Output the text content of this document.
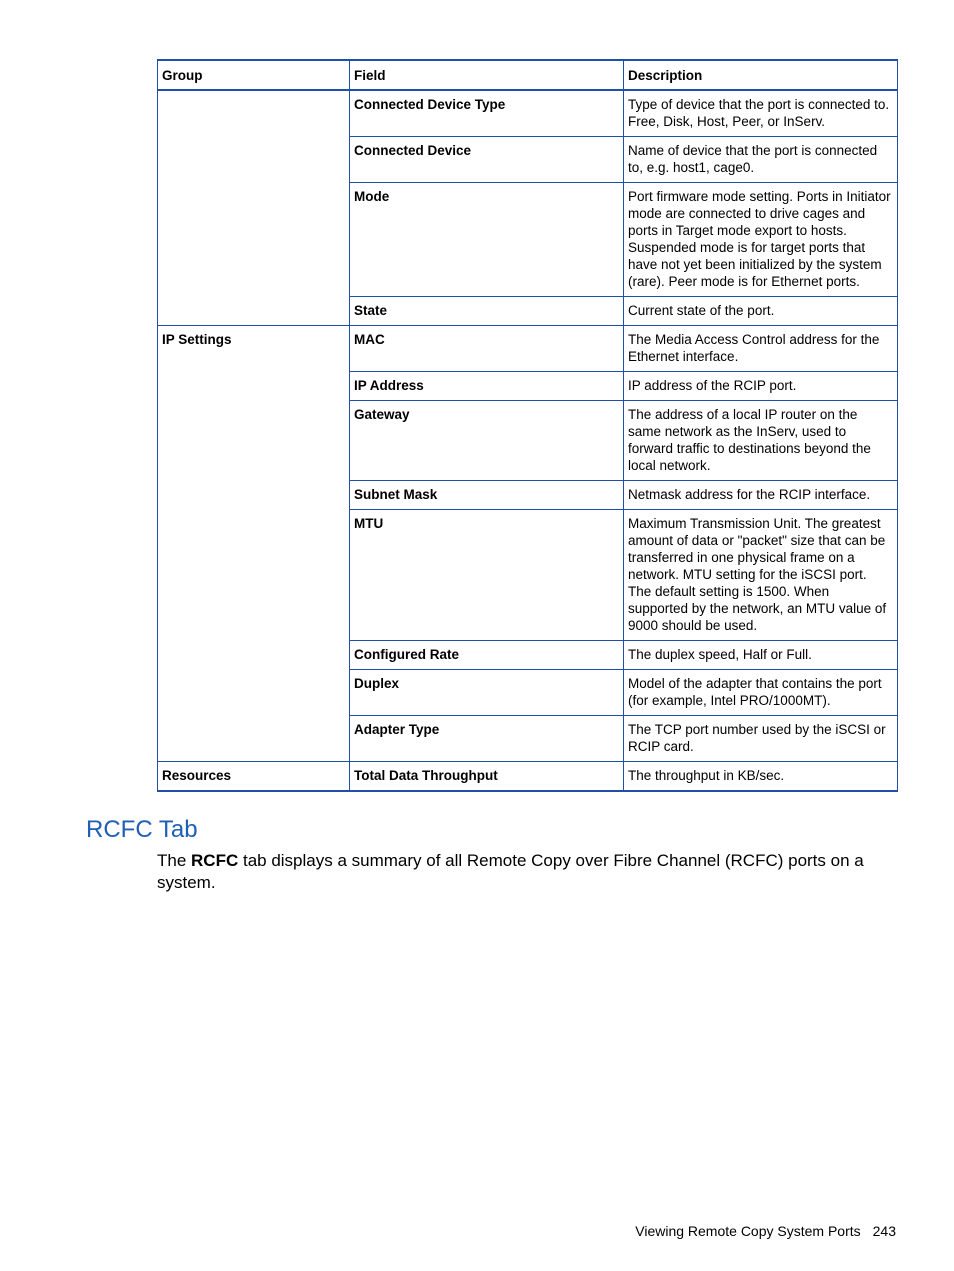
Group	Field	Description
	Connected Device Type	Type of device that the port is connected to. Free, Disk, Host, Peer, or InServ.
	Connected Device	Name of device that the port is connected to, e.g. host1, cage0.
	Mode	Port firmware mode setting. Ports in Initiator mode are connected to drive cages and ports in Target mode export to hosts. Suspended mode is for target ports that have not yet been initialized by the system (rare). Peer mode is for Ethernet ports.
	State	Current state of the port.
IP Settings	MAC	The Media Access Control address for the Ethernet interface.
	IP Address	IP address of the RCIP port.
	Gateway	The address of a local IP router on the same network as the InServ, used to forward traffic to destinations beyond the local network.
	Subnet Mask	Netmask address for the RCIP interface.
	MTU	Maximum Transmission Unit. The greatest amount of data or "packet" size that can be transferred in one physical frame on a network. MTU setting for the iSCSI port. The default setting is 1500. When supported by the network, an MTU value of 9000 should be used.
	Configured Rate	The duplex speed, Half or Full.
	Duplex	Model of the adapter that contains the port (for example, Intel PRO/1000MT).
	Adapter Type	The TCP port number used by the iSCSI or RCIP card.
Resources	Total Data Throughput	The throughput in KB/sec.
RCFC Tab

The RCFC tab displays a summary of all Remote Copy over Fibre Channel (RCFC) ports on a system.

Viewing Remote Copy System Ports 243
